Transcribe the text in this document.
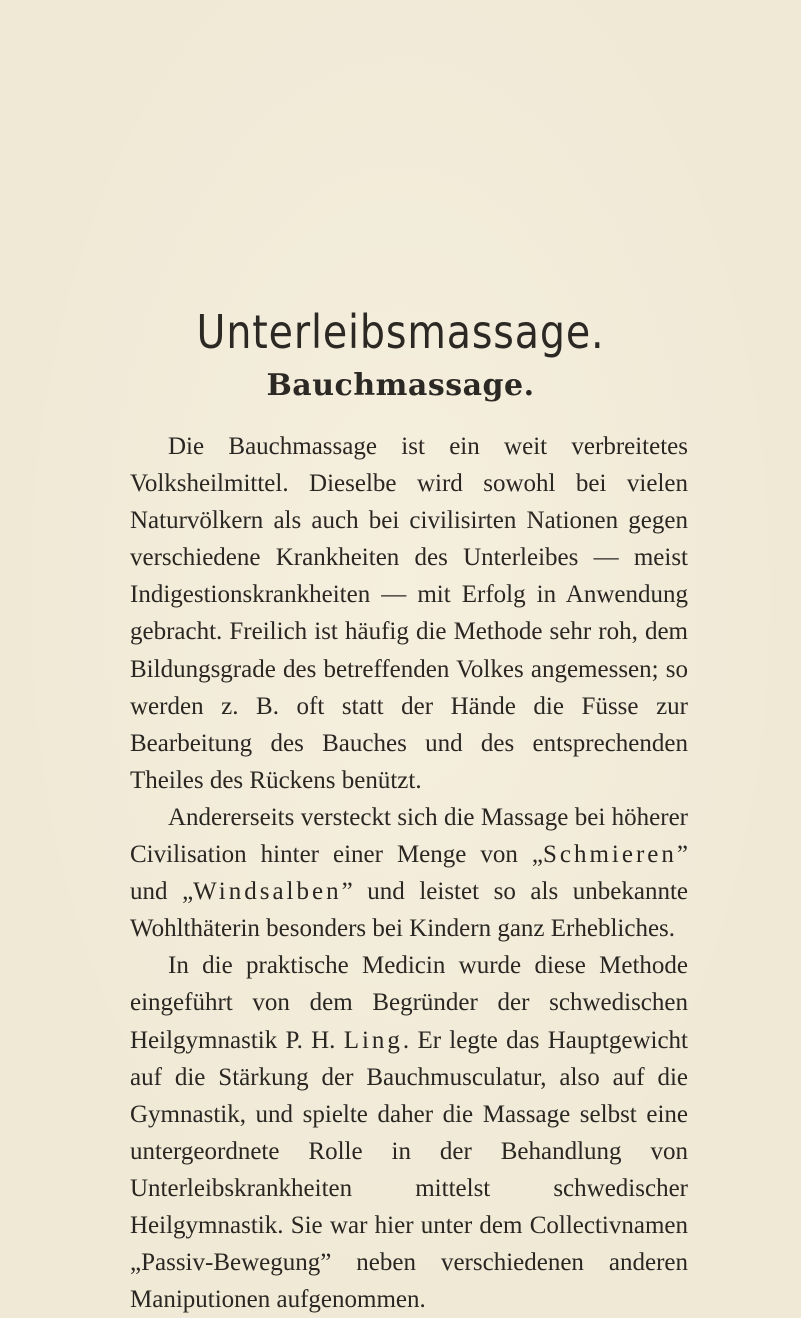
Unterleibsmassage.
Bauchmassage.

Die Bauchmassage ist ein weit verbreitetes Volksheilmittel. Dieselbe wird sowohl bei vielen Naturvölkern als auch bei civilisirten Nationen gegen verschiedene Krankheiten des Unterleibes — meist Indigestionskrankheiten — mit Erfolg in Anwendung gebracht. Freilich ist häufig die Methode sehr roh, dem Bildungsgrade des betreffenden Volkes angemessen; so werden z. B. oft statt der Hände die Füsse zur Bearbeitung des Bauches und des entsprechenden Theiles des Rückens benützt.

Andererseits versteckt sich die Massage bei höherer Civilisation hinter einer Menge von „Schmieren” und „Windsalben” und leistet so als unbekannte Wohlthäterin besonders bei Kindern ganz Erhebliches.

In die praktische Medicin wurde diese Methode eingeführt von dem Begründer der schwedischen Heilgymnastik P. H. Ling. Er legte das Hauptgewicht auf die Stärkung der Bauchmusculatur, also auf die Gymnastik, und spielte daher die Massage selbst eine untergeordnete Rolle in der Behandlung von Unterleibskrankheiten mittelst schwedischer Heilgymnastik. Sie war hier unter dem Collectivnamen „Passiv-Bewegung” neben verschiedenen anderen Maniputionen aufgenommen.
